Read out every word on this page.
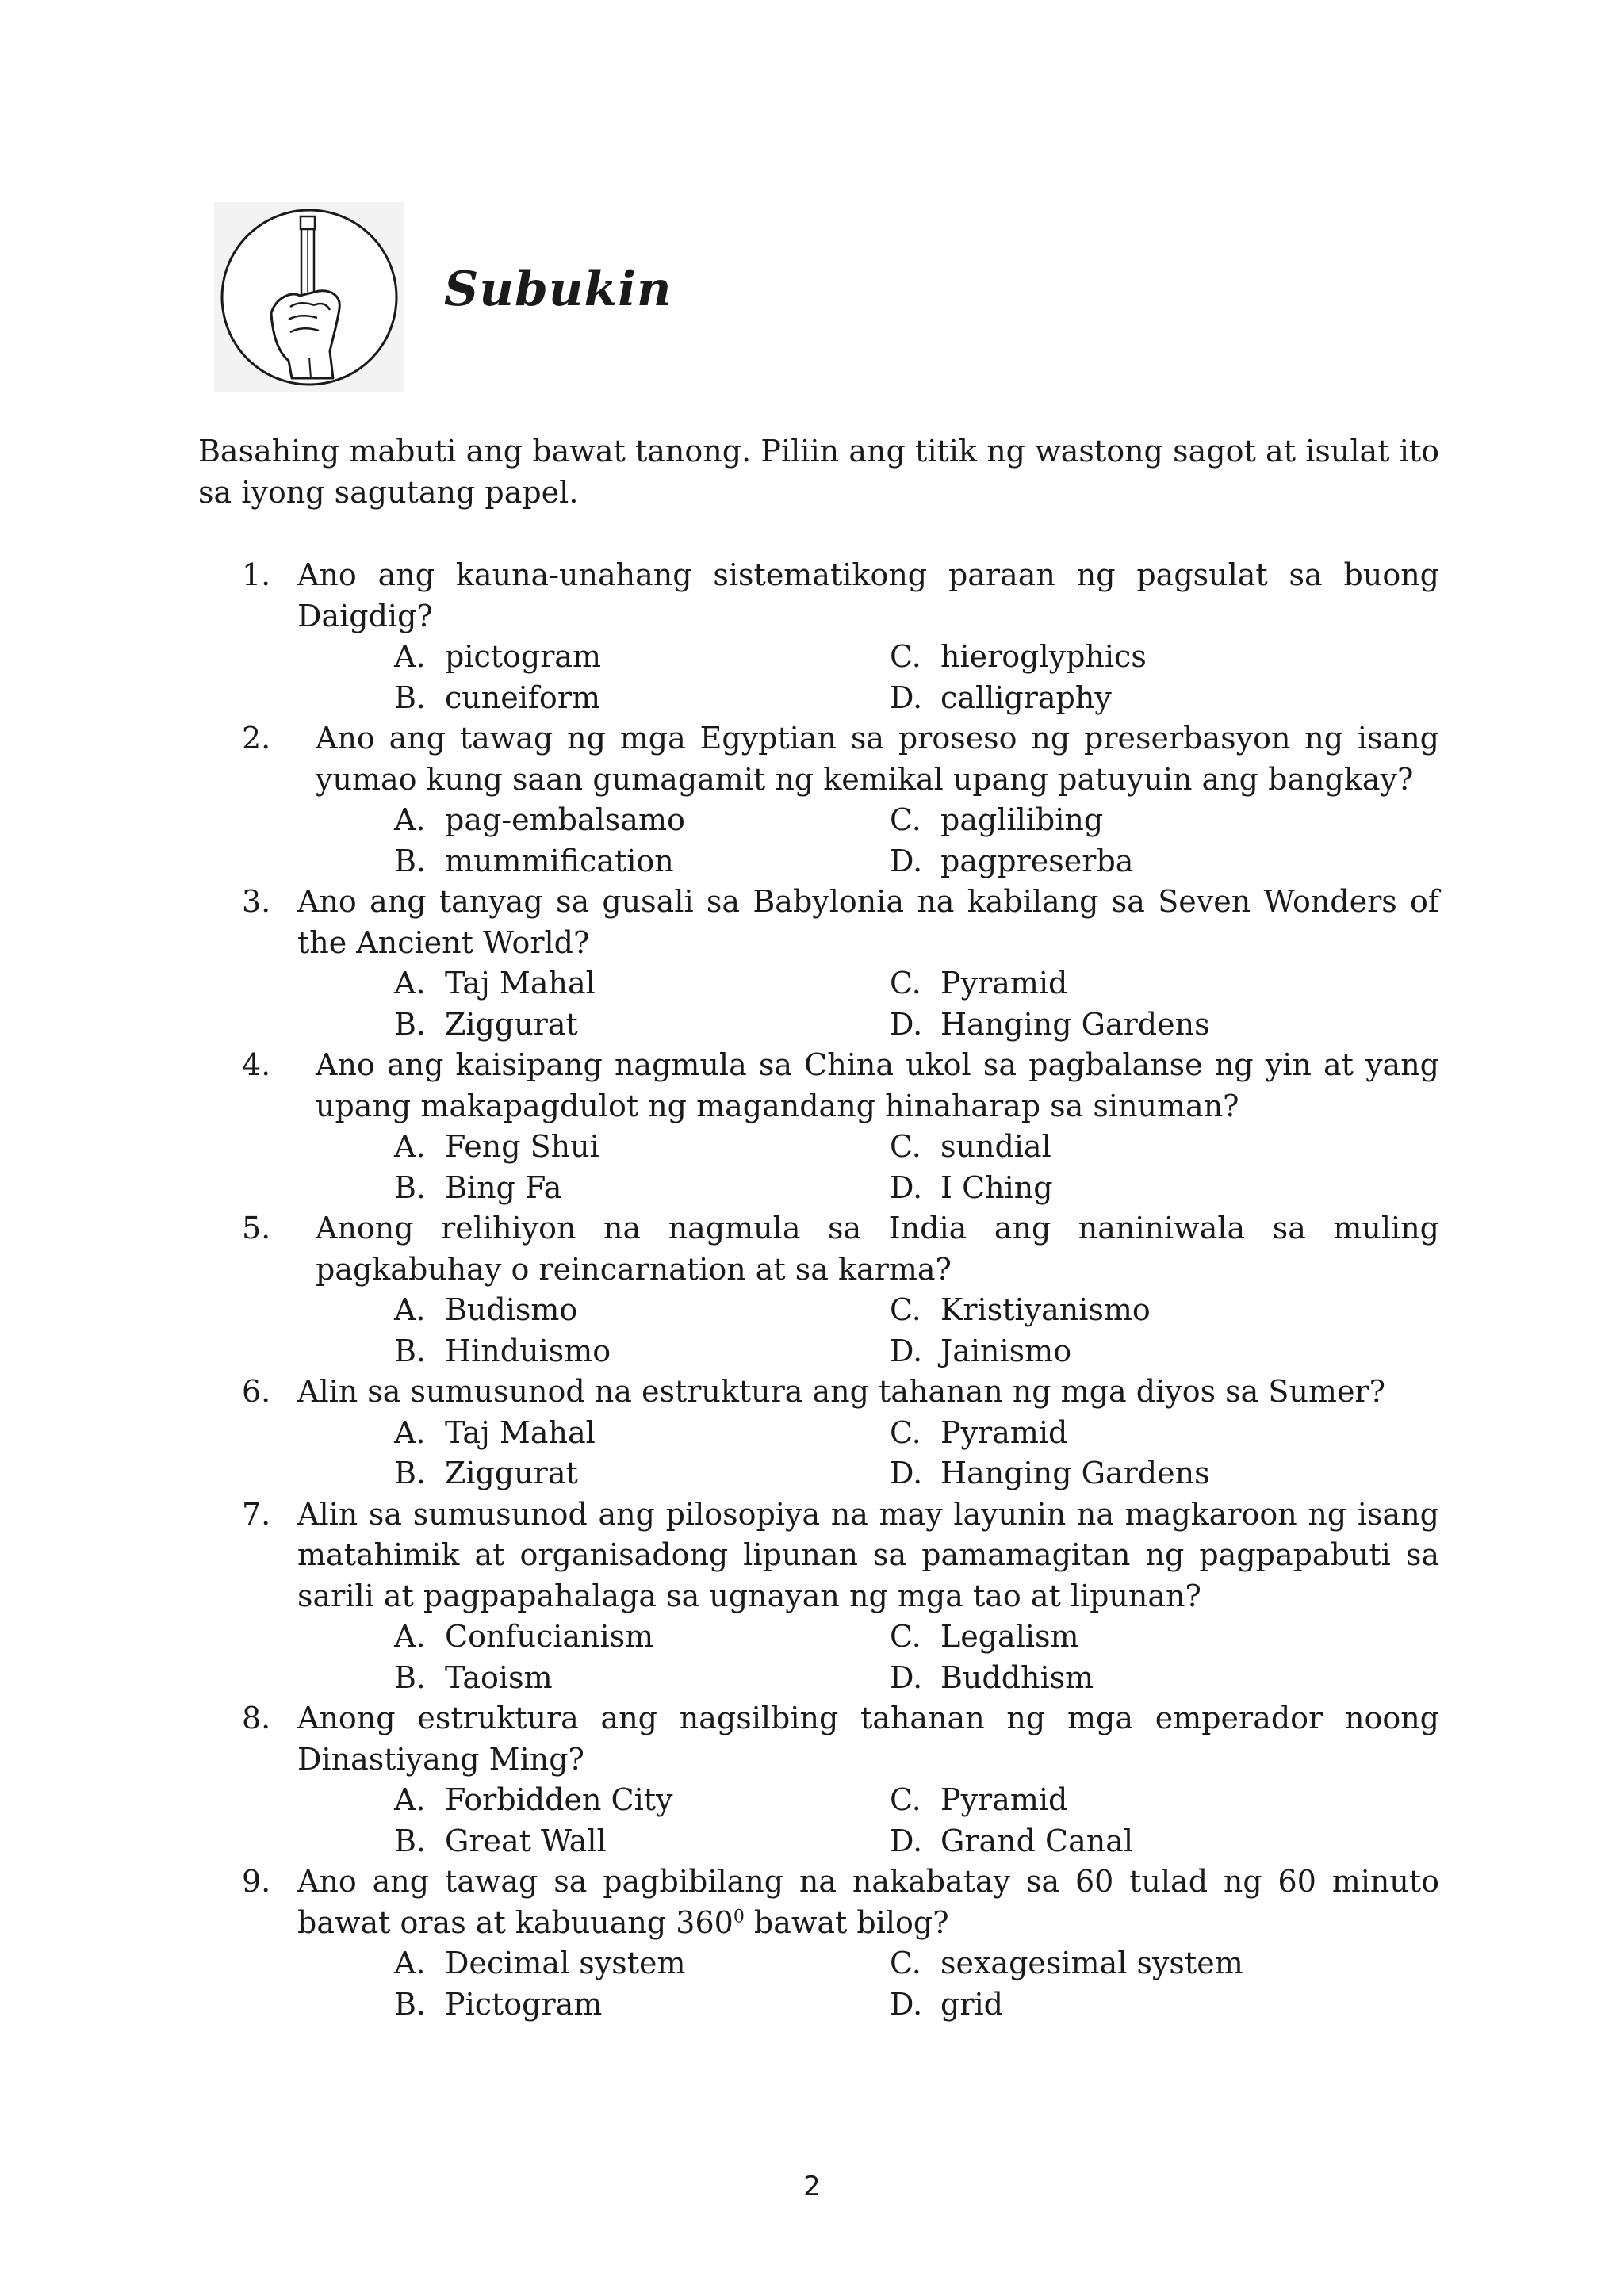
Subukin

Basahing mabuti ang bawat tanong. Piliin ang titik ng wastong sagot at isulat ito sa iyong sagutang papel.

1. Ano ang kauna-unahang sistematikong paraan ng pagsulat sa buong Daigdig?
A. pictogram	C. hieroglyphics
B. cuneiform	D. calligraphy
2. Ano ang tawag ng mga Egyptian sa proseso ng preserbasyon ng isang yumao kung saan gumagamit ng kemikal upang patuyuin ang bangkay?
A. pag-embalsamo	C. paglilibing
B. mummification	D. pagpreserba
3. Ano ang tanyag sa gusali sa Babylonia na kabilang sa Seven Wonders of the Ancient World?
A. Taj Mahal	C. Pyramid
B. Ziggurat	D. Hanging Gardens
4. Ano ang kaisipang nagmula sa China ukol sa pagbalanse ng yin at yang upang makapagdulot ng magandang hinaharap sa sinuman?
A. Feng Shui	C. sundial
B. Bing Fa	D. I Ching
5. Anong relihiyon na nagmula sa India ang naniniwala sa muling pagkabuhay o reincarnation at sa karma?
A. Budismo	C. Kristiyanismo
B. Hinduismo	D. Jainismo
6. Alin sa sumusunod na estruktura ang tahanan ng mga diyos sa Sumer?
A. Taj Mahal	C. Pyramid
B. Ziggurat	D. Hanging Gardens
7. Alin sa sumusunod ang pilosopiya na may layunin na magkaroon ng isang matahimik at organisadong lipunan sa pamamagitan ng pagpapabuti sa sarili at pagpapahalaga sa ugnayan ng mga tao at lipunan?
A. Confucianism	C. Legalism
B. Taoism	D. Buddhism
8. Anong estruktura ang nagsilbing tahanan ng mga emperador noong Dinastiyang Ming?
A. Forbidden City	C. Pyramid
B. Great Wall	D. Grand Canal
9. Ano ang tawag sa pagbibilang na nakabatay sa 60 tulad ng 60 minuto bawat oras at kabuuang $360^0$ bawat bilog?
A. Decimal system	C. sexagesimal system
B. Pictogram	D. grid
2
